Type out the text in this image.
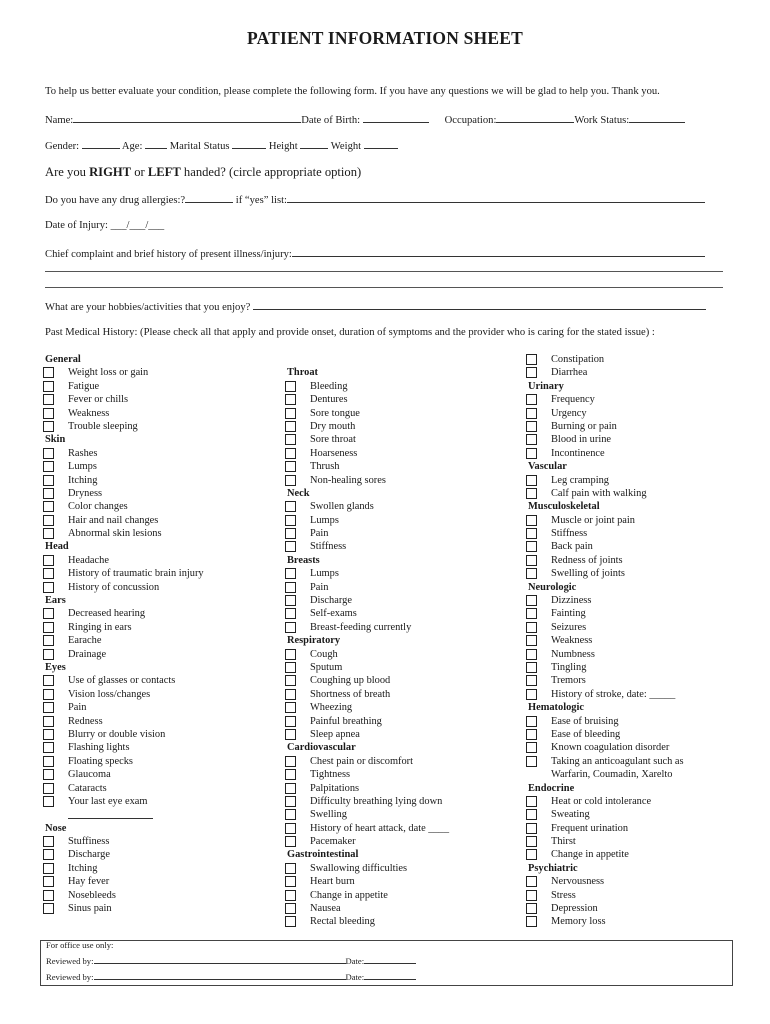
PATIENT INFORMATION SHEET
To help us better evaluate your condition, please complete the following form. If you have any questions we will be glad to help you. Thank you.
Name:	Date of Birth:	Occupation:	Work Status:
Gender:	Age:	Marital Status	Height	Weight
Are you RIGHT or LEFT handed? (circle appropriate option)
Do you have any drug allergies:?	if “yes” list:
Date of Injury: ___/___/___
Chief complaint and brief history of present illness/injury:
What are your hobbies/activities that you enjoy?
Past Medical History: (Please check all that apply and provide onset, duration of symptoms and the provider who is caring for the stated issue) :
General
Weight loss or gain
Fatigue
Fever or chills
Weakness
Trouble sleeping
Skin
Rashes
Lumps
Itching
Dryness
Color changes
Hair and nail changes
Abnormal skin lesions
Head
Headache
History of traumatic brain injury
History of concussion
Ears
Decreased hearing
Ringing in ears
Earache
Drainage
Eyes
Use of glasses or contacts
Vision loss/changes
Pain
Redness
Blurry or double vision
Flashing lights
Floating specks
Glaucoma
Cataracts
Your last eye exam
Nose
Stuffiness
Discharge
Itching
Hay fever
Nosebleeds
Sinus pain
Throat
Bleeding
Dentures
Sore tongue
Dry mouth
Sore throat
Hoarseness
Thrush
Non-healing sores
Neck
Swollen glands
Lumps
Pain
Stiffness
Breasts
Lumps
Pain
Discharge
Self-exams
Breast-feeding currently
Respiratory
Cough
Sputum
Coughing up blood
Shortness of breath
Wheezing
Painful breathing
Sleep apnea
Cardiovascular
Chest pain or discomfort
Tightness
Palpitations
Difficulty breathing lying down
Swelling
History of heart attack, date ____
Pacemaker
Gastrointestinal
Swallowing difficulties
Heart burn
Change in appetite
Nausea
Rectal bleeding
Constipation
Diarrhea
Urinary
Frequency
Urgency
Burning or pain
Blood in urine
Incontinence
Vascular
Leg cramping
Calf pain with walking
Musculoskeletal
Muscle or joint pain
Stiffness
Back pain
Redness of joints
Swelling of joints
Neurologic
Dizziness
Fainting
Seizures
Weakness
Numbness
Tingling
Tremors
History of stroke, date: _____
Hematologic
Ease of bruising
Ease of bleeding
Known coagulation disorder
Taking an anticoagulant such as
Warfarin, Coumadin, Xarelto
Endocrine
Heat or cold intolerance
Sweating
Frequent urination
Thirst
Change in appetite
Psychiatric
Nervousness
Stress
Depression
Memory loss
For office use only:
Reviewed by:	Date:
Reviewed by:	Date:
